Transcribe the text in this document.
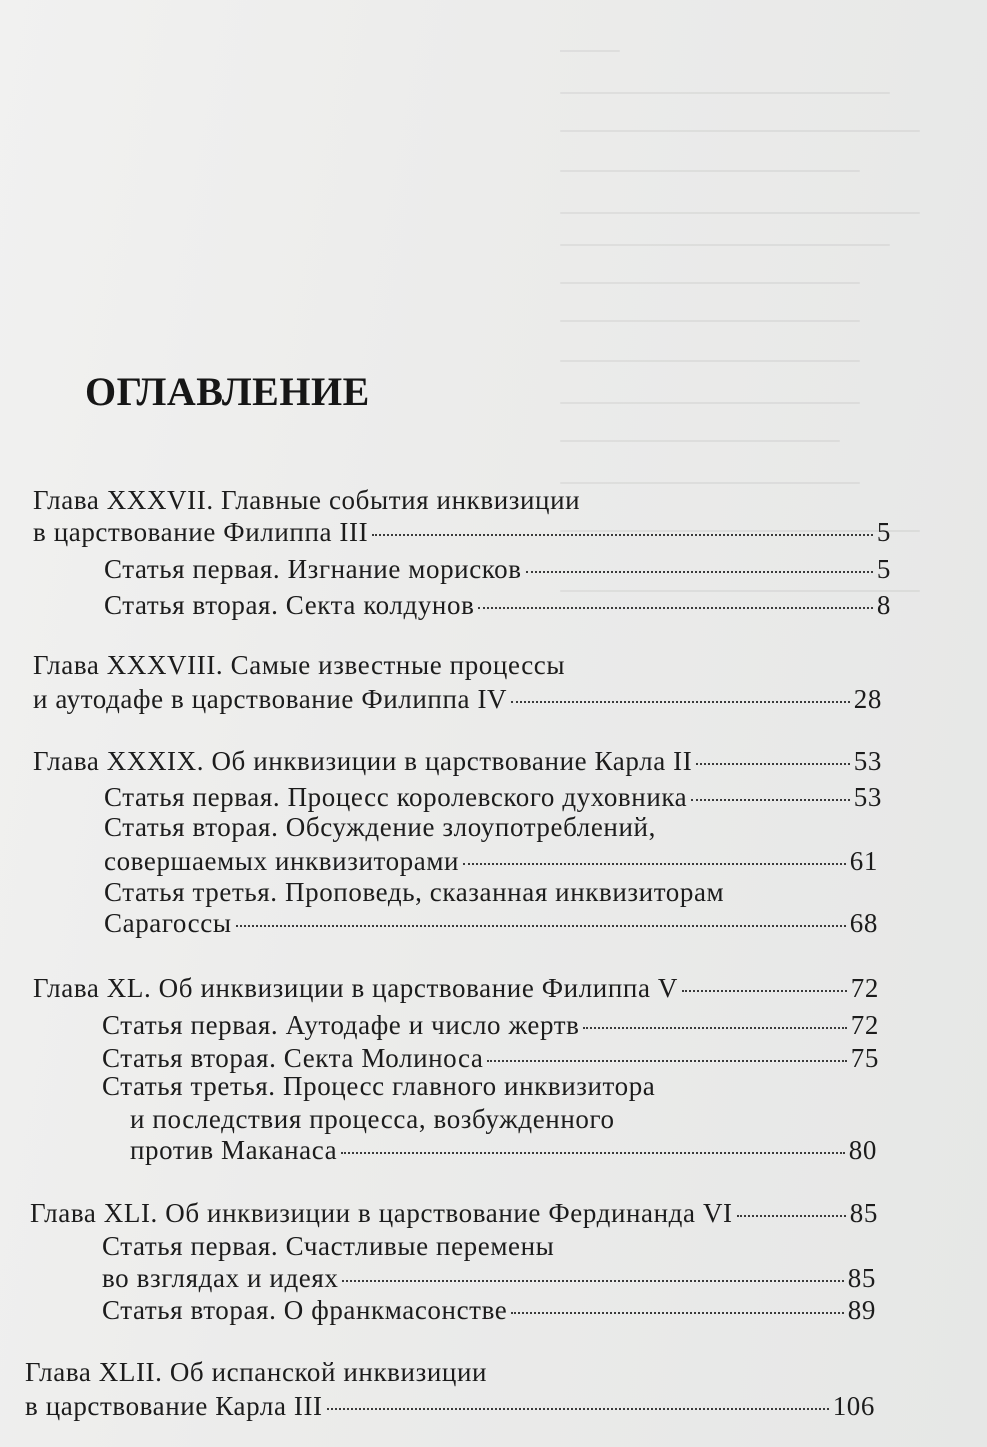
ОГЛАВЛЕНИЕ
Глава XXXVII. Главные события инквизиции
в царствование Филиппа III	5
Статья первая. Изгнание морисков	5
Статья вторая. Секта колдунов	8
Глава XXXVIII. Самые известные процессы
и аутодафе в царствование Филиппа IV	28
Глава XXXIX. Об инквизиции в царствование Карла II	53
Статья первая. Процесс королевского духовника	53
Статья вторая. Обсуждение злоупотреблений,
совершаемых инквизиторами	61
Статья третья. Проповедь, сказанная инквизиторам
Сарагоссы	68
Глава XL. Об инквизиции в царствование Филиппа V	72
Статья первая. Аутодафе и число жертв	72
Статья вторая. Секта Молиноса	75
Статья третья. Процесс главного инквизитора
и последствия процесса, возбужденного
против Маканаса	80
Глава XLI. Об инквизиции в царствование Фердинанда VI	85
Статья первая. Счастливые перемены
во взглядах и идеях	85
Статья вторая. О франкмасонстве	89
Глава XLII. Об испанской инквизиции
в царствование Карла III	106
